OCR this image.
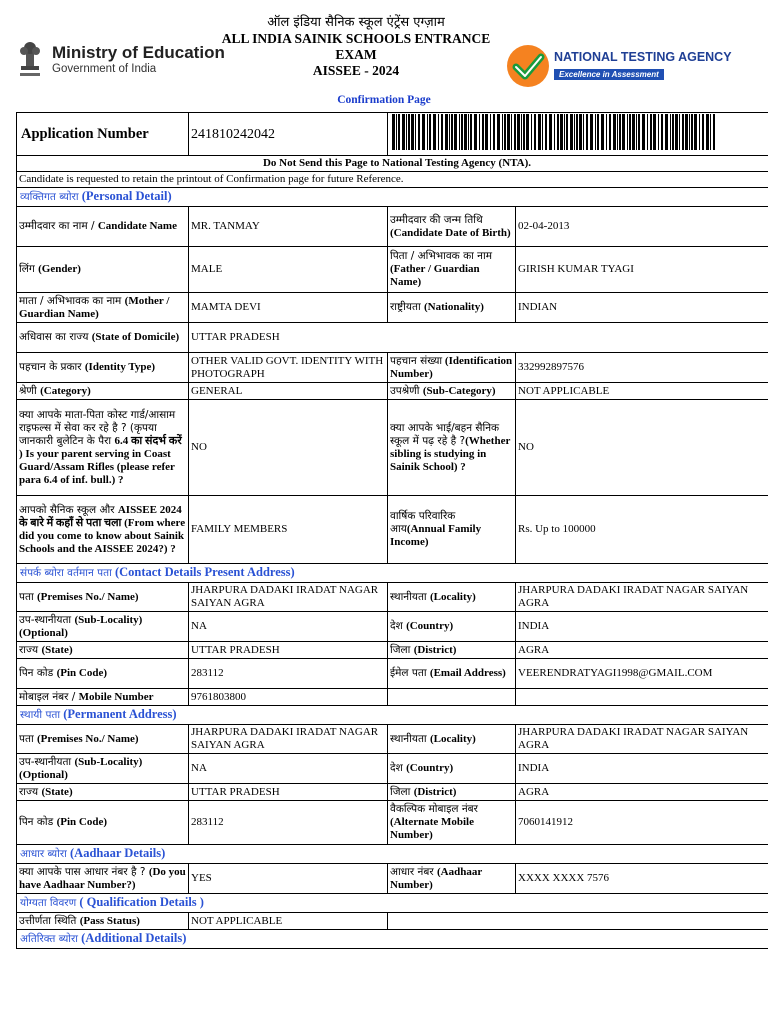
Ministry of Education
Government of India
ऑल इंडिया सैनिक स्कूल एंट्रेंस एग्ज़ाम
ALL INDIA SAINIK SCHOOLS ENTRANCE
EXAM
AISSEE - 2024
NATIONAL TESTING AGENCY
Excellence in Assessment
Confirmation Page
Application Number	241810242042	
Do Not Send this Page to National Testing Agency (NTA).			
Candidate is requested to retain the printout of Confirmation page for future Reference.			
व्यक्तिगत ब्योरा (Personal Detail)			
उम्मीदवार का नाम / Candidate Name	MR. TANMAY	उम्मीदवार की जन्म तिथि (Candidate Date of Birth)	02-04-2013
लिंग (Gender)	MALE	पिता / अभिभावक का नाम (Father / Guardian Name)	GIRISH KUMAR TYAGI
माता / अभिभावक का नाम (Mother / Guardian Name)	MAMTA DEVI	राष्ट्रीयता (Nationality)	INDIAN
अधिवास का राज्य (State of Domicile)	UTTAR PRADESH		
पहचान के प्रकार (Identity Type)	OTHER VALID GOVT. IDENTITY WITH PHOTOGRAPH	पहचान संख्या (Identification Number)	332992897576
श्रेणी (Category)	GENERAL	उपश्रेणी (Sub-Category)	NOT APPLICABLE
क्या आपके माता-पिता कोस्ट गार्ड/आसाम राइफल्स में सेवा कर रहे है ? (कृपया जानकारी बुलेटिन के पैरा 6.4 का संदर्भ करें ) Is your parent serving in Coast Guard/Assam Rifles (please refer para 6.4 of inf. bull.) ?	NO	क्या आपके भाई/बहन सैनिक स्कूल में पढ़ रहे है ?(Whether sibling is studying in Sainik School) ?	NO
आपको सैनिक स्कूल और AISSEE 2024 के बारे में कहाँ से पता चला (From where did you come to know about Sainik Schools and the AISSEE 2024?) ?	FAMILY MEMBERS	वार्षिक परिवारिक आय(Annual Family Income)	Rs. Up to 100000
संपर्क ब्योरा वर्तमान पता (Contact Details Present Address)			
पता (Premises No./ Name)	JHARPURA DADAKI IRADAT NAGAR SAIYAN AGRA	स्थानीयता (Locality)	JHARPURA DADAKI IRADAT NAGAR SAIYAN AGRA
उप-स्थानीयता (Sub-Locality)(Optional)	NA	देश (Country)	INDIA
राज्य (State)	UTTAR PRADESH	जिला (District)	AGRA
पिन कोड (Pin Code)	283112	ईमेल पता (Email Address)	VEERENDRATYAGI1998@GMAIL.COM
मोबाइल नंबर / Mobile Number	9761803800		
स्थायी पता (Permanent Address)			
पता (Premises No./ Name)	JHARPURA DADAKI IRADAT NAGAR SAIYAN AGRA	स्थानीयता (Locality)	JHARPURA DADAKI IRADAT NAGAR SAIYAN AGRA
उप-स्थानीयता (Sub-Locality)(Optional)	NA	देश (Country)	INDIA
राज्य (State)	UTTAR PRADESH	जिला (District)	AGRA
पिन कोड (Pin Code)	283112	वैकल्पिक मोबाइल नंबर (Alternate Mobile Number)	7060141912
आधार ब्योरा (Aadhaar Details)			
क्या आपके पास आधार नंबर है ? (Do you have Aadhaar Number?)	YES	आधार नंबर (Aadhaar Number)	XXXX XXXX 7576
योग्यता विवरण ( Qualification Details )			
उत्तीर्णता स्थिति (Pass Status)	NOT APPLICABLE		
अतिरिक्त ब्योरा (Additional Details)			
